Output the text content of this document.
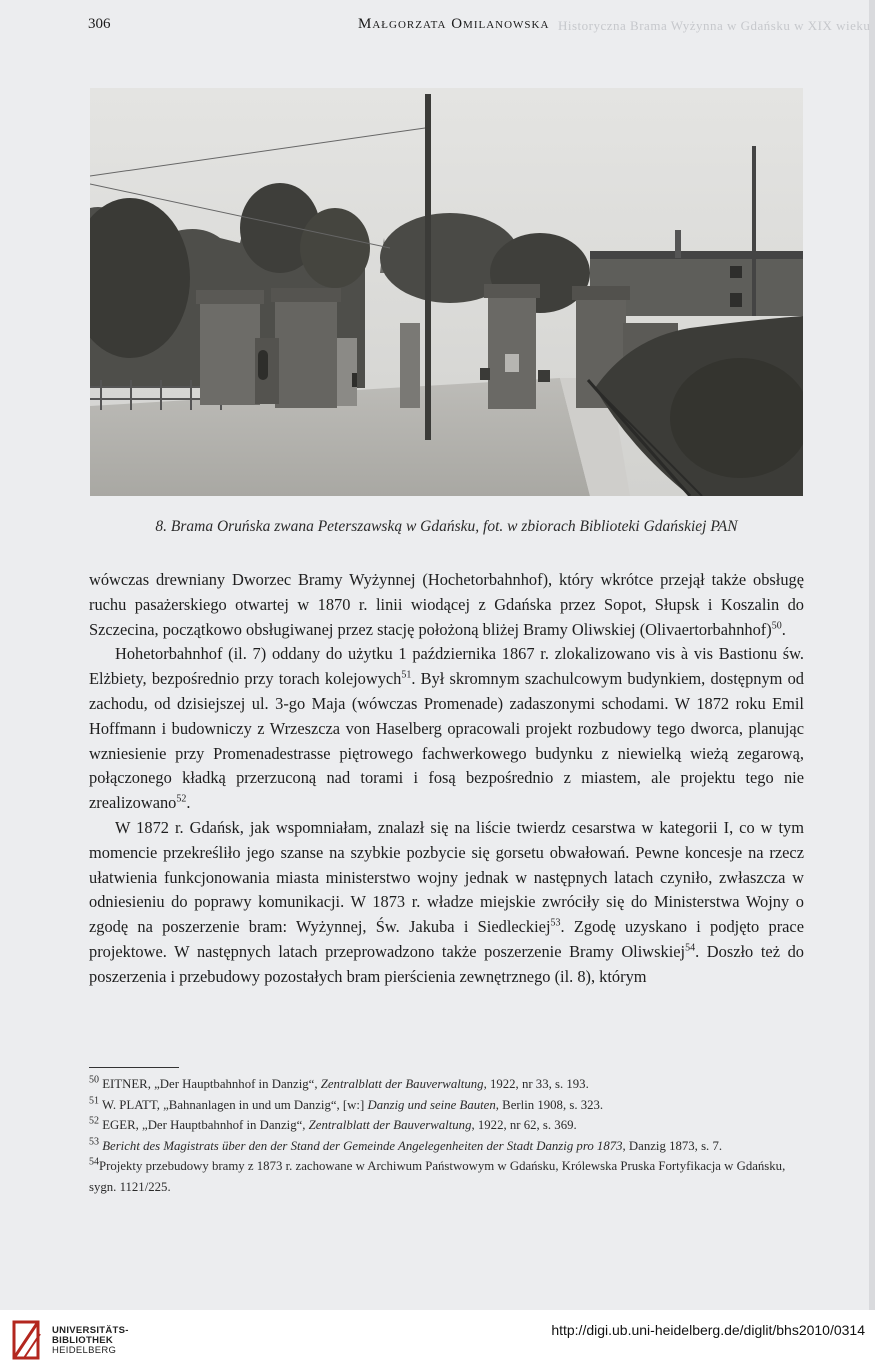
306	Małgorzata Omilanowska Historyczna Brama Wyżynna w Gdańsku w XIX wieku
8. Brama Oruńska zwana Peterszawską w Gdańsku, fot. w zbiorach Biblioteki Gdańskiej PAN

wówczas drewniany Dworzec Bramy Wyżynnej (Hochetorbahnhof), który wkrótce przejął także obsługę ruchu pasażerskiego otwartej w 1870 r. linii wiodącej z Gdańska przez Sopot, Słupsk i Koszalin do Szczecina, początkowo obsługiwanej przez stację położoną bliżej Bramy Oliwskiej (Olivaertorbahnhof)$^{50}$.

Hohetorbahnhof (il. 7) oddany do użytku 1 października 1867 r. zlokalizowano vis à vis Bastionu św. Elżbiety, bezpośrednio przy torach kolejowych$^{51}$. Był skromnym szachulcowym budynkiem, dostępnym od zachodu, od dzisiejszej ul. 3-go Maja (wówczas Promenade) zadaszonymi schodami. W 1872 roku Emil Hoffmann i budowniczy z Wrzeszcza von Haselberg opracowali projekt rozbudowy tego dworca, planując wzniesienie przy Promenadestrasse piętrowego fachwerkowego budynku z niewielką wieżą zegarową, połączonego kładką przerzuconą nad torami i fosą bezpośrednio z miastem, ale projektu tego nie zrealizowano$^{52}$.

W 1872 r. Gdańsk, jak wspomniałam, znalazł się na liście twierdz cesarstwa w kategorii I, co w tym momencie przekreśliło jego szanse na szybkie pozbycie się gorsetu obwałowań. Pewne koncesje na rzecz ułatwienia funkcjonowania miasta ministerstwo wojny jednak w następnych latach czyniło, zwłaszcza w odniesieniu do poprawy komunikacji. W 1873 r. władze miejskie zwróciły się do Ministerstwa Wojny o zgodę na poszerzenie bram: Wyżynnej, Św. Jakuba i Siedleckiej$^{53}$. Zgodę uzyskano i podjęto prace projektowe. W następnych latach przeprowadzono także poszerzenie Bramy Oliwskiej$^{54}$. Doszło też do poszerzenia i przebudowy pozostałych bram pierścienia zewnętrznego (il. 8), którym

$^{50}$ EITNER, „Der Hauptbahnhof in Danzig“, Zentralblatt der Bauverwaltung, 1922, nr 33, s. 193.

$^{51}$ W. PLATT, „Bahnanlagen in und um Danzig“, [w:] Danzig und seine Bauten, Berlin 1908, s. 323.

$^{52}$ EGER, „Der Hauptbahnhof in Danzig“, Zentralblatt der Bauverwaltung, 1922, nr 62, s. 369.

$^{53}$ Bericht des Magistrats über den der Stand der Gemeinde Angelegenheiten der Stadt Danzig pro 1873, Danzig 1873, s. 7.

$^{54}$Projekty przebudowy bramy z 1873 r. zachowane w Archiwum Państwowym w Gdańsku, Królewska Pruska Fortyfikacja w Gdańsku, sygn. 1121/225.

UNIVERSITÄTS-
BIBLIOTHEK
HEIDELBERG
http://digi.ub.uni-heidelberg.de/diglit/bhs2010/0314
